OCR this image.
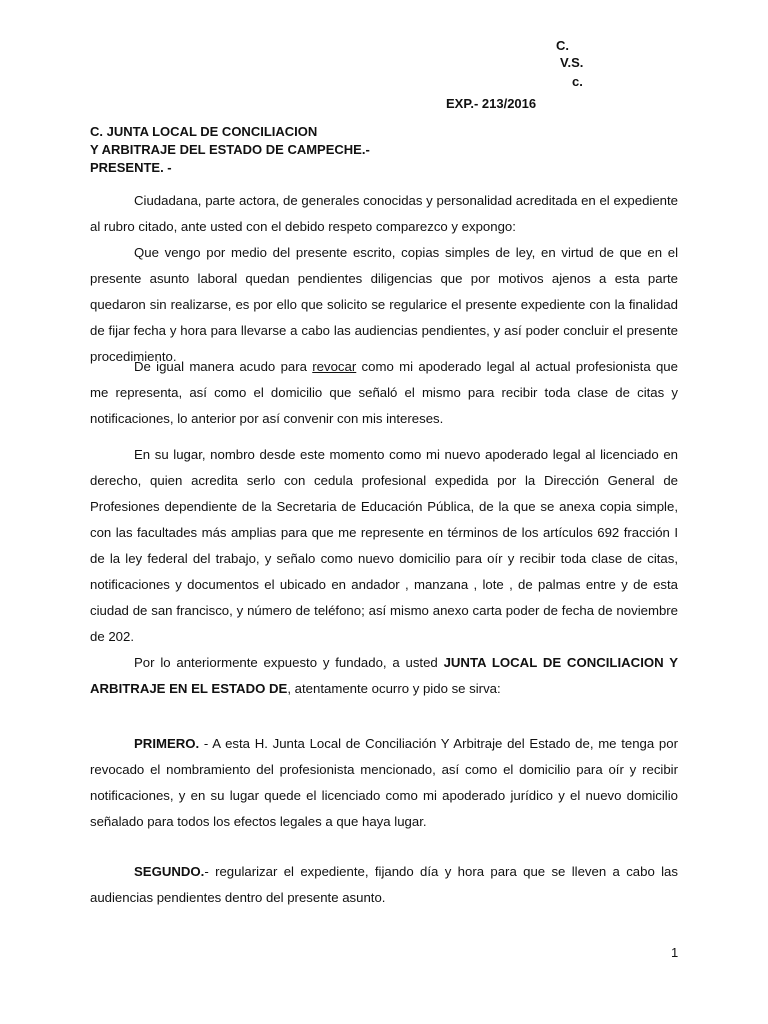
C.
V.S.
c.
EXP.- 213/2016
C. JUNTA LOCAL DE CONCILIACION
Y ARBITRAJE DEL ESTADO DE CAMPECHE.-
PRESENTE. -

Ciudadana, parte actora, de generales conocidas y personalidad acreditada en el expediente al rubro citado, ante usted con el debido respeto comparezco y expongo:

Que vengo por medio del presente escrito, copias simples de ley, en virtud de que en el presente asunto laboral quedan pendientes diligencias que por motivos ajenos a esta parte quedaron sin realizarse, es por ello que solicito se regularice el presente expediente con la finalidad de fijar fecha y hora para llevarse a cabo las audiencias pendientes, y así poder concluir el presente procedimiento.

De igual manera acudo para revocar como mi apoderado legal al actual profesionista que me representa, así como el domicilio que señaló el mismo para recibir toda clase de citas y notificaciones, lo anterior por así convenir con mis intereses.

En su lugar, nombro desde este momento como mi nuevo apoderado legal al licenciado en derecho, quien acredita serlo con cedula profesional expedida por la Dirección General de Profesiones dependiente de la Secretaria de Educación Pública, de la que se anexa copia simple, con las facultades más amplias para que me represente en términos de los artículos 692 fracción I de la ley federal del trabajo, y señalo como nuevo domicilio para oír y recibir toda clase de citas, notificaciones y documentos el ubicado en andador , manzana , lote , de palmas entre y de esta ciudad de san francisco, y número de teléfono; así mismo anexo carta poder de fecha de noviembre de 202.

Por lo anteriormente expuesto y fundado, a usted JUNTA LOCAL DE CONCILIACION Y ARBITRAJE EN EL ESTADO DE, atentamente ocurro y pido se sirva:

PRIMERO. - A esta H. Junta Local de Conciliación Y Arbitraje del Estado de, me tenga por revocado el nombramiento del profesionista mencionado, así como el domicilio para oír y recibir notificaciones, y en su lugar quede el licenciado como mi apoderado jurídico y el nuevo domicilio señalado para todos los efectos legales a que haya lugar.

SEGUNDO.- regularizar el expediente, fijando día y hora para que se lleven a cabo las audiencias pendientes dentro del presente asunto.

1
